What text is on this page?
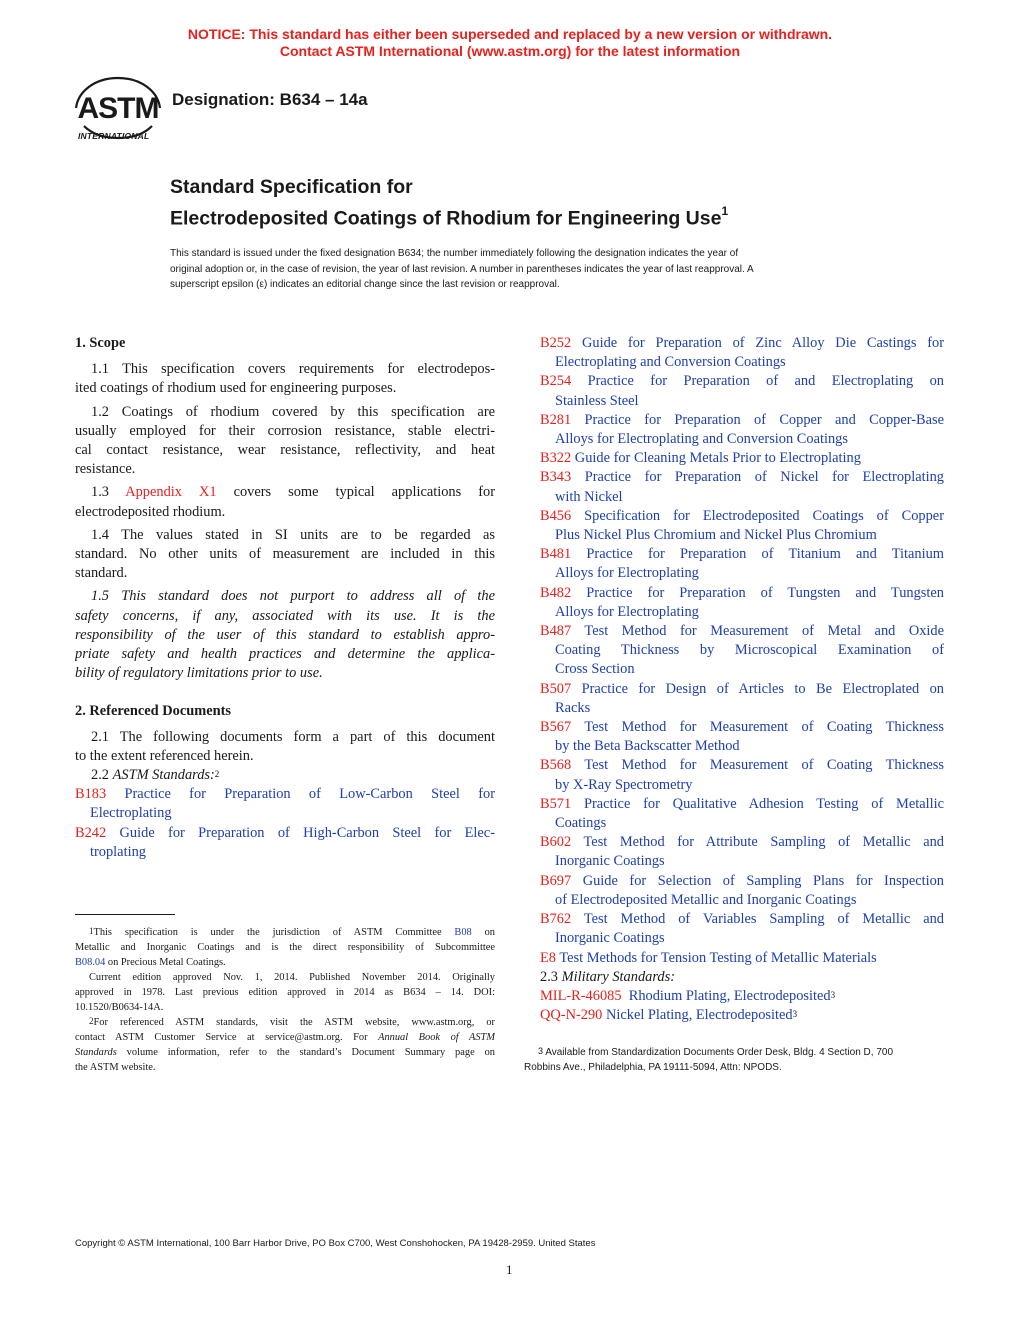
NOTICE: This standard has either been superseded and replaced by a new version or withdrawn.
Contact ASTM International (www.astm.org) for the latest information
ASTM
INTERNATIONAL
Designation: B634 – 14a
Standard Specification for
Electrodeposited Coatings of Rhodium for Engineering Use$^1$
This standard is issued under the fixed designation B634; the number immediately following the designation indicates the year of
original adoption or, in the case of revision, the year of last revision. A number in parentheses indicates the year of last reapproval. A
superscript epsilon (ε) indicates an editorial change since the last revision or reapproval.
1. Scope
1.1 This specification covers requirements for electrodepos-
ited coatings of rhodium used for engineering purposes.
1.2 Coatings of rhodium covered by this specification are
usually employed for their corrosion resistance, stable electri-
cal contact resistance, wear resistance, reflectivity, and heat
resistance.
1.3 Appendix X1 covers some typical applications for
electrodeposited rhodium.
1.4 The values stated in SI units are to be regarded as
standard. No other units of measurement are included in this
standard.
1.5 This standard does not purport to address all of the
safety concerns, if any, associated with its use. It is the
responsibility of the user of this standard to establish appro-
priate safety and health practices and determine the applica-
bility of regulatory limitations prior to use.
2. Referenced Documents
2.1 The following documents form a part of this document
to the extent referenced herein.
2.2 ASTM Standards:$^2$
B183 Practice for Preparation of Low-Carbon Steel for
Electroplating
B242 Guide for Preparation of High-Carbon Steel for Elec-
troplating
B252 Guide for Preparation of Zinc Alloy Die Castings for
Electroplating and Conversion Coatings
B254 Practice for Preparation of and Electroplating on
Stainless Steel
B281 Practice for Preparation of Copper and Copper-Base
Alloys for Electroplating and Conversion Coatings
B322 Guide for Cleaning Metals Prior to Electroplating
B343 Practice for Preparation of Nickel for Electroplating
with Nickel
B456 Specification for Electrodeposited Coatings of Copper
Plus Nickel Plus Chromium and Nickel Plus Chromium
B481 Practice for Preparation of Titanium and Titanium
Alloys for Electroplating
B482 Practice for Preparation of Tungsten and Tungsten
Alloys for Electroplating
B487 Test Method for Measurement of Metal and Oxide
Coating Thickness by Microscopical Examination of
Cross Section
B507 Practice for Design of Articles to Be Electroplated on
Racks
B567 Test Method for Measurement of Coating Thickness
by the Beta Backscatter Method
B568 Test Method for Measurement of Coating Thickness
by X-Ray Spectrometry
B571 Practice for Qualitative Adhesion Testing of Metallic
Coatings
B602 Test Method for Attribute Sampling of Metallic and
Inorganic Coatings
B697 Guide for Selection of Sampling Plans for Inspection
of Electrodeposited Metallic and Inorganic Coatings
B762 Test Method of Variables Sampling of Metallic and
Inorganic Coatings
E8 Test Methods for Tension Testing of Metallic Materials
2.3 Military Standards:
MIL-R-46085 Rhodium Plating, Electrodeposited$^3$
QQ-N-290 Nickel Plating, Electrodeposited$^3$
$^1$This specification is under the jurisdiction of ASTM Committee B08 on
Metallic and Inorganic Coatings and is the direct responsibility of Subcommittee
B08.04 on Precious Metal Coatings.
Current edition approved Nov. 1, 2014. Published November 2014. Originally
approved in 1978. Last previous edition approved in 2014 as B634 – 14. DOI:
10.1520/B0634-14A.
$^2$For referenced ASTM standards, visit the ASTM website, www.astm.org, or
contact ASTM Customer Service at service@astm.org. For Annual Book of ASTM
Standards volume information, refer to the standard’s Document Summary page on
the ASTM website.
$^3$ Available from Standardization Documents Order Desk, Bldg. 4 Section D, 700
Robbins Ave., Philadelphia, PA 19111-5094, Attn: NPODS.
Copyright © ASTM International, 100 Barr Harbor Drive, PO Box C700, West Conshohocken, PA 19428-2959. United States
1
